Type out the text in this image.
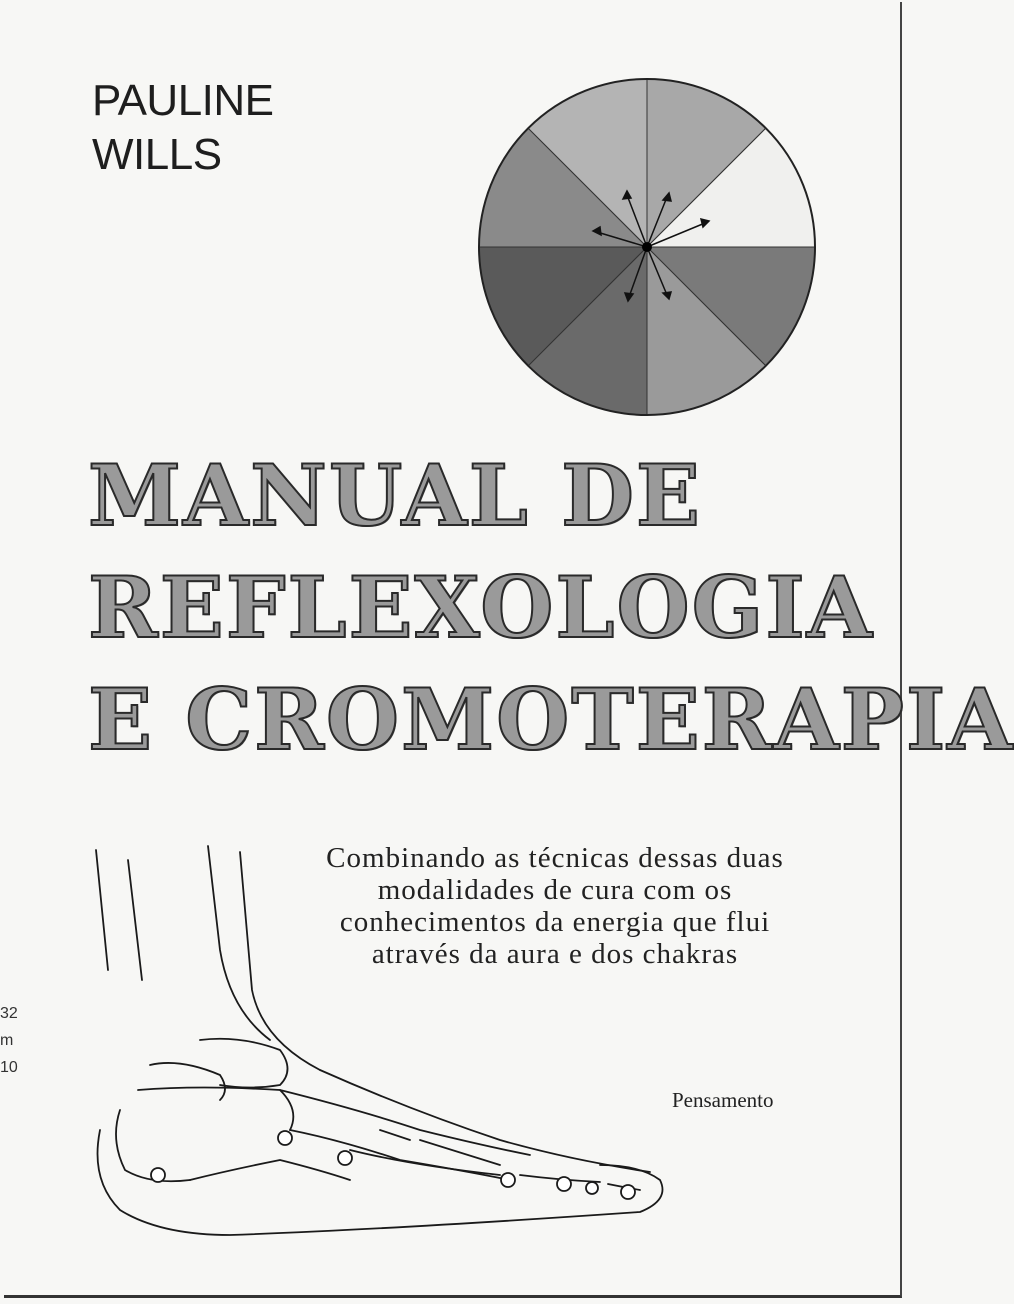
PAULINE
WILLS
MANUAL DE
REFLEXOLOGIA
E CROMOTERAPIA
Combinando as técnicas dessas duas
modalidades de cura com os
conhecimentos da energia que flui
através da aura e dos chakras
Pensamento
32
m
10
